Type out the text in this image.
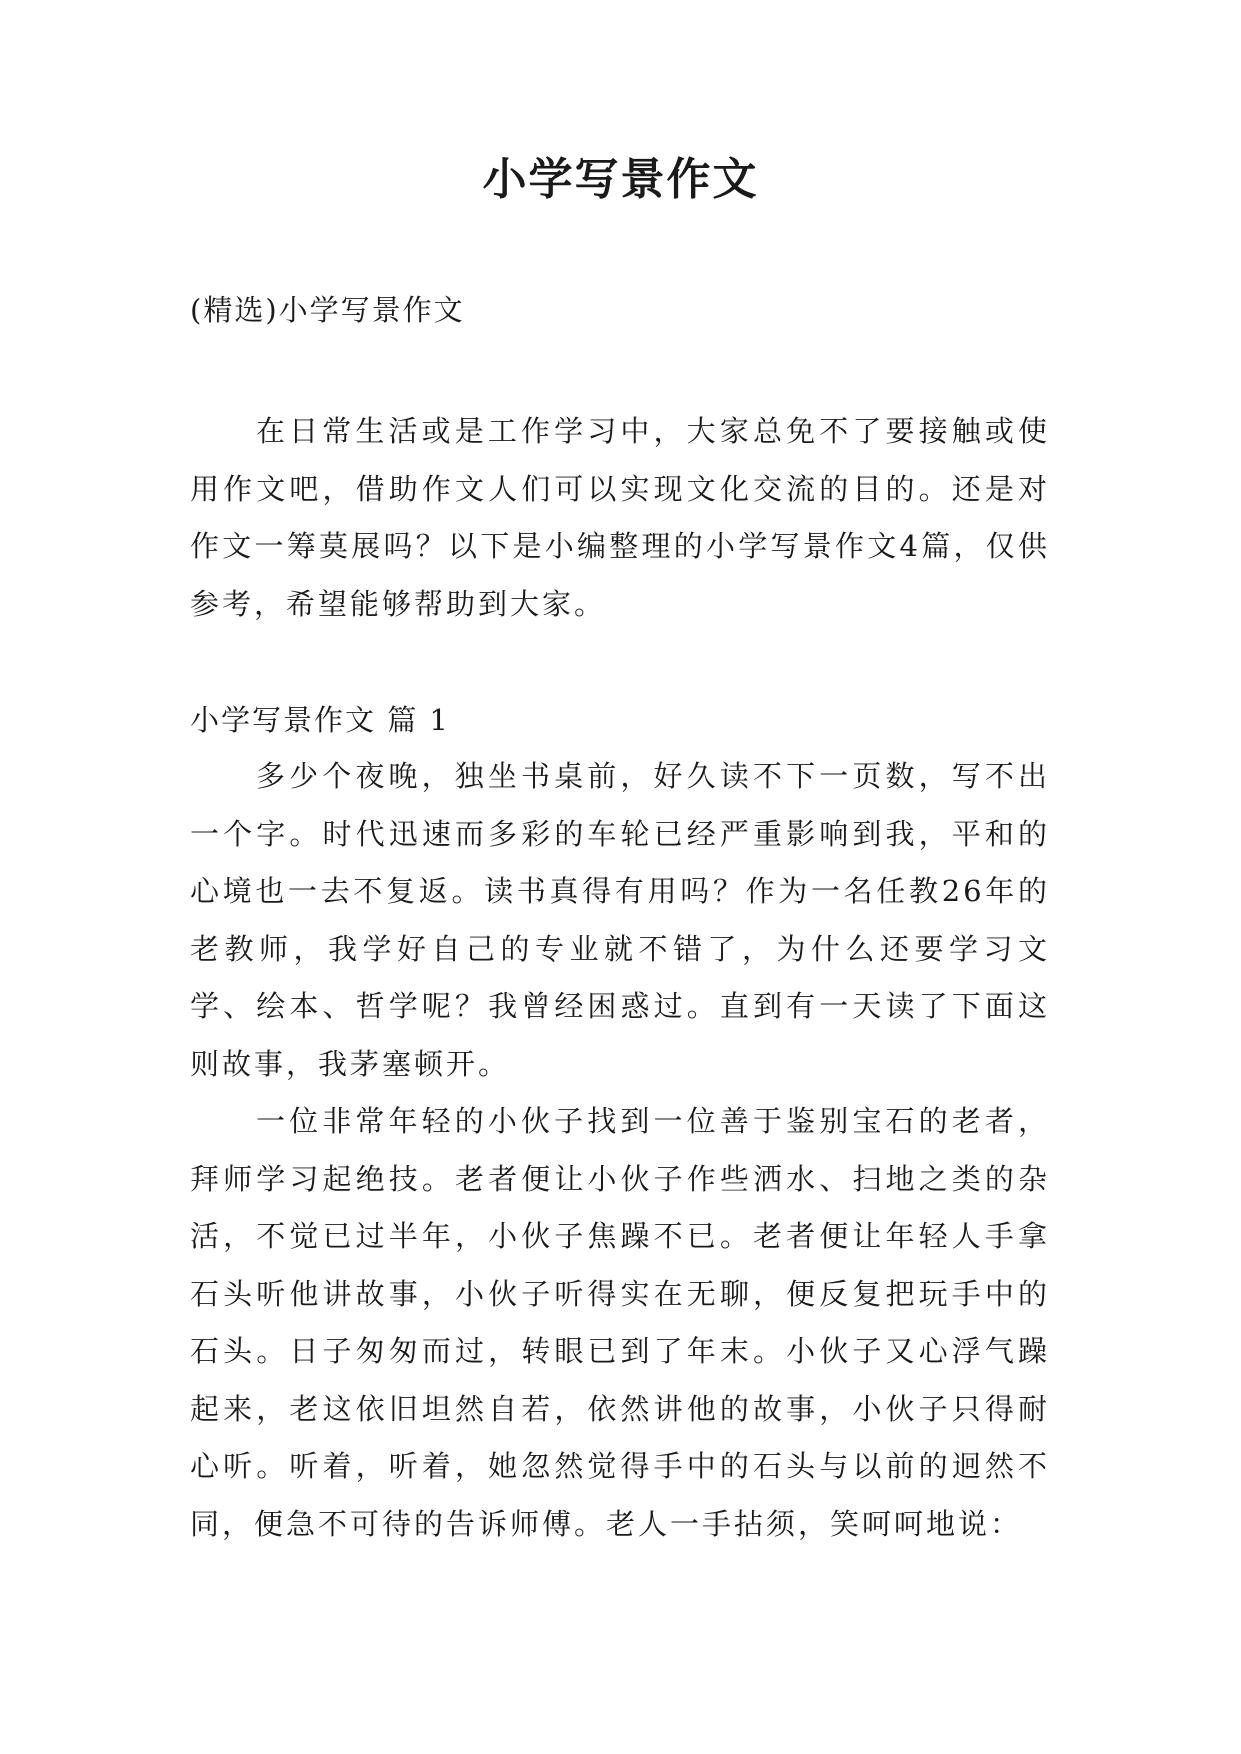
小学写景作文

(精选)小学写景作文

在日常生活或是工作学习中，大家总免不了要接触或使用作文吧，借助作文人们可以实现文化交流的目的。还是对作文一筹莫展吗？以下是小编整理的小学写景作文4篇，仅供参考，希望能够帮助到大家。

小学写景作文 篇 1

多少个夜晚，独坐书桌前，好久读不下一页数，写不出一个字。时代迅速而多彩的车轮已经严重影响到我，平和的心境也一去不复返。读书真得有用吗？作为一名任教26年的老教师，我学好自己的专业就不错了，为什么还要学习文学、绘本、哲学呢？我曾经困惑过。直到有一天读了下面这则故事，我茅塞顿开。

一位非常年轻的小伙子找到一位善于鉴别宝石的老者，拜师学习起绝技。老者便让小伙子作些洒水、扫地之类的杂活，不觉已过半年，小伙子焦躁不已。老者便让年轻人手拿石头听他讲故事，小伙子听得实在无聊，便反复把玩手中的石头。日子匆匆而过，转眼已到了年末。小伙子又心浮气躁起来，老这依旧坦然自若，依然讲他的故事，小伙子只得耐心听。听着，听着，她忽然觉得手中的石头与以前的迥然不同，便急不可待的告诉师傅。老人一手拈须，笑呵呵地说：
